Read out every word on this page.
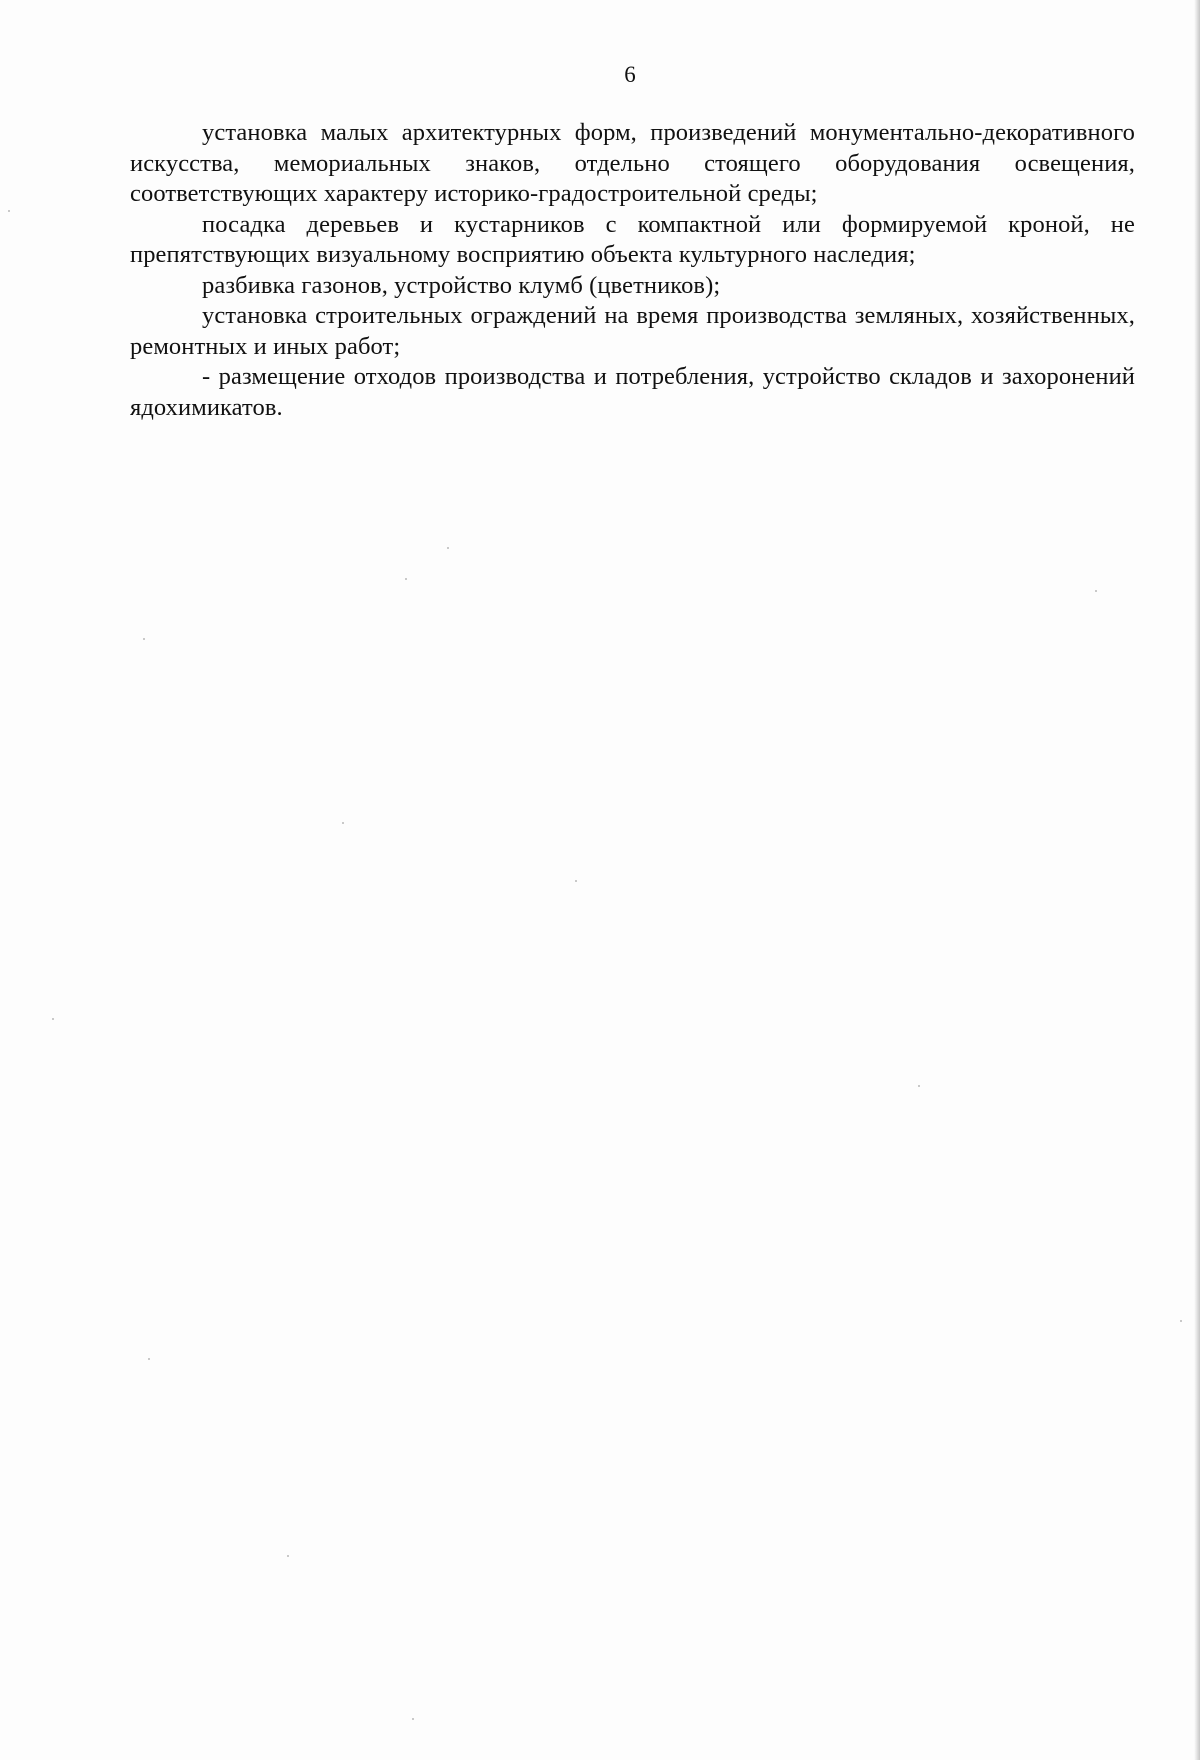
6

установка малых архитектурных форм, произведений монументально-декоративного искусства, мемориальных знаков, отдельно стоящего оборудования освещения, соответствующих характеру историко-градостроительной среды;

посадка деревьев и кустарников с компактной или формируемой кроной, не препятствующих визуальному восприятию объекта культурного наследия;

разбивка газонов, устройство клумб (цветников);

установка строительных ограждений на время производства земляных, хозяйственных, ремонтных и иных работ;

- размещение отходов производства и потребления, устройство складов и захоронений ядохимикатов.
